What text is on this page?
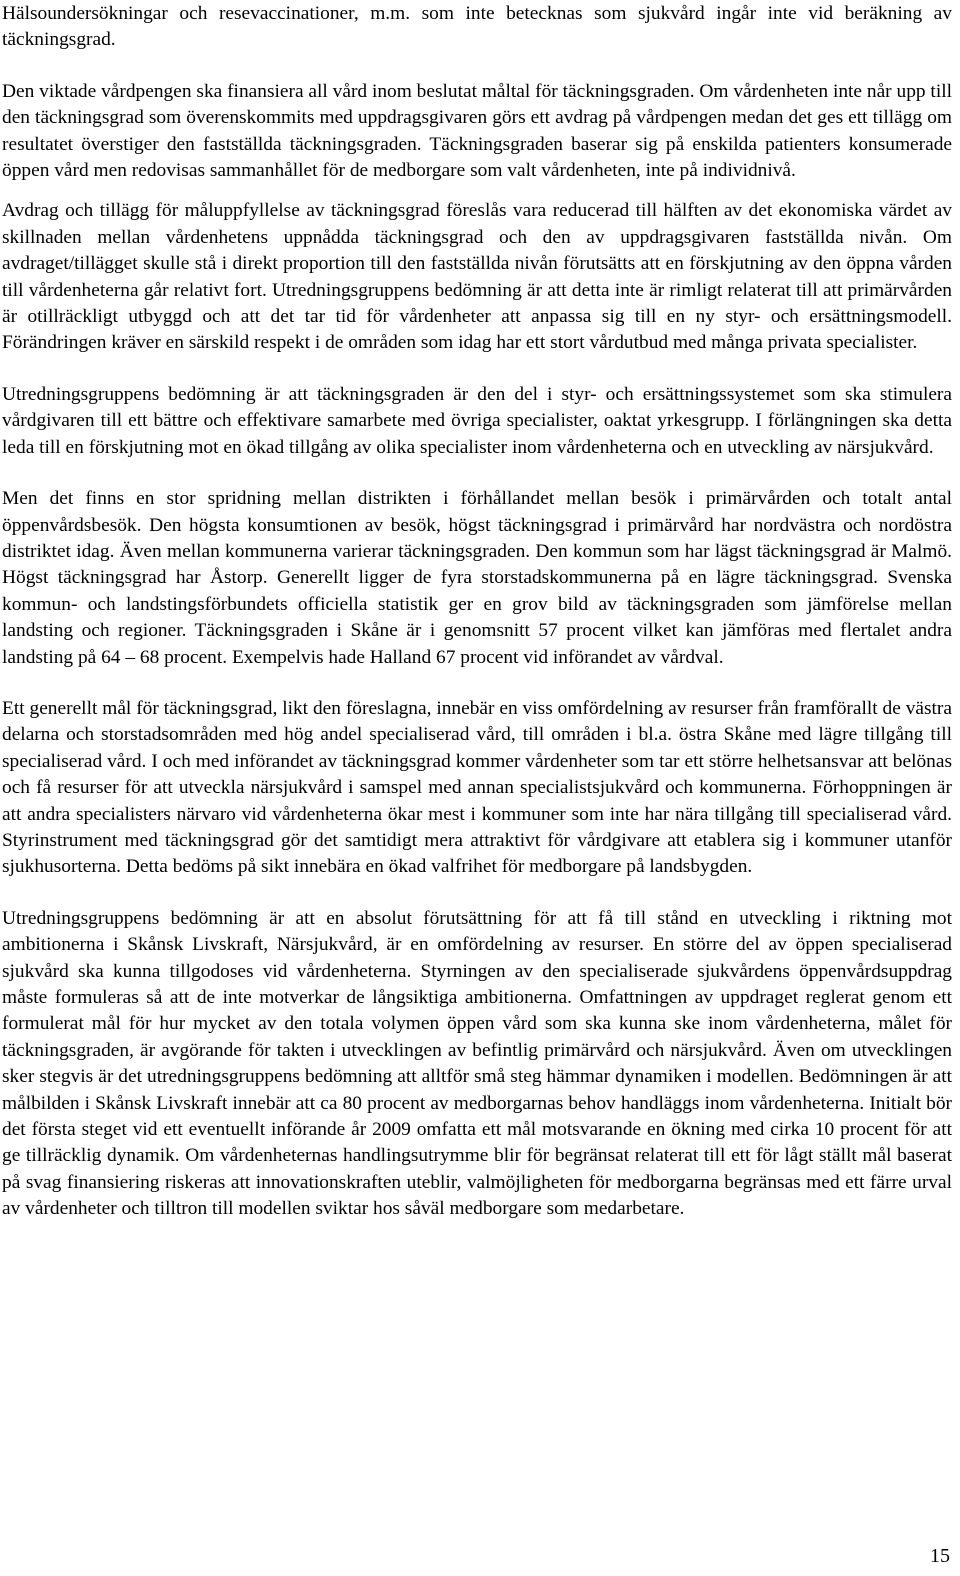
Hälsoundersökningar och resevaccinationer, m.m. som inte betecknas som sjukvård ingår inte vid beräkning av täckningsgrad.

Den viktade vårdpengen ska finansiera all vård inom beslutat måltal för täckningsgraden. Om vårdenheten inte når upp till den täckningsgrad som överenskommits med uppdragsgivaren görs ett avdrag på vårdpengen medan det ges ett tillägg om resultatet överstiger den fastställda täckningsgraden. Täckningsgraden baserar sig på enskilda patienters konsumerade öppen vård men redovisas sammanhållet för de medborgare som valt vårdenheten, inte på individnivå.

Avdrag och tillägg för måluppfyllelse av täckningsgrad föreslås vara reducerad till hälften av det ekonomiska värdet av skillnaden mellan vårdenhetens uppnådda täckningsgrad och den av uppdragsgivaren fastställda nivån. Om avdraget/tillägget skulle stå i direkt proportion till den fastställda nivån förutsätts att en förskjutning av den öppna vården till vårdenheterna går relativt fort. Utredningsgruppens bedömning är att detta inte är rimligt relaterat till att primärvården är otillräckligt utbyggd och att det tar tid för vårdenheter att anpassa sig till en ny styr- och ersättningsmodell. Förändringen kräver en särskild respekt i de områden som idag har ett stort vårdutbud med många privata specialister.

Utredningsgruppens bedömning är att täckningsgraden är den del i styr- och ersättningssystemet som ska stimulera vårdgivaren till ett bättre och effektivare samarbete med övriga specialister, oaktat yrkesgrupp. I förlängningen ska detta leda till en förskjutning mot en ökad tillgång av olika specialister inom vårdenheterna och en utveckling av närsjukvård.

Men det finns en stor spridning mellan distrikten i förhållandet mellan besök i primärvården och totalt antal öppenvårdsbesök. Den högsta konsumtionen av besök, högst täckningsgrad i primärvård har nordvästra och nordöstra distriktet idag. Även mellan kommunerna varierar täckningsgraden. Den kommun som har lägst täckningsgrad är Malmö. Högst täckningsgrad har Åstorp. Generellt ligger de fyra storstadskommunerna på en lägre täckningsgrad. Svenska kommun- och landstingsförbundets officiella statistik ger en grov bild av täckningsgraden som jämförelse mellan landsting och regioner. Täckningsgraden i Skåne är i genomsnitt 57 procent vilket kan jämföras med flertalet andra landsting på 64 – 68 procent. Exempelvis hade Halland 67 procent vid införandet av vårdval.

Ett generellt mål för täckningsgrad, likt den föreslagna, innebär en viss omfördelning av resurser från framförallt de västra delarna och storstadsområden med hög andel specialiserad vård, till områden i bl.a. östra Skåne med lägre tillgång till specialiserad vård. I och med införandet av täckningsgrad kommer vårdenheter som tar ett större helhetsansvar att belönas och få resurser för att utveckla närsjukvård i samspel med annan specialistsjukvård och kommunerna. Förhoppningen är att andra specialisters närvaro vid vårdenheterna ökar mest i kommuner som inte har nära tillgång till specialiserad vård. Styrinstrument med täckningsgrad gör det samtidigt mera attraktivt för vårdgivare att etablera sig i kommuner utanför sjukhusorterna. Detta bedöms på sikt innebära en ökad valfrihet för medborgare på landsbygden.

Utredningsgruppens bedömning är att en absolut förutsättning för att få till stånd en utveckling i riktning mot ambitionerna i Skånsk Livskraft, Närsjukvård, är en omfördelning av resurser. En större del av öppen specialiserad sjukvård ska kunna tillgodoses vid vårdenheterna. Styrningen av den specialiserade sjukvårdens öppenvårdsuppdrag måste formuleras så att de inte motverkar de långsiktiga ambitionerna. Omfattningen av uppdraget reglerat genom ett formulerat mål för hur mycket av den totala volymen öppen vård som ska kunna ske inom vårdenheterna, målet för täckningsgraden, är avgörande för takten i utvecklingen av befintlig primärvård och närsjukvård. Även om utvecklingen sker stegvis är det utredningsgruppens bedömning att alltför små steg hämmar dynamiken i modellen. Bedömningen är att målbilden i Skånsk Livskraft innebär att ca 80 procent av medborgarnas behov handläggs inom vårdenheterna. Initialt bör det första steget vid ett eventuellt införande år 2009 omfatta ett mål motsvarande en ökning med cirka 10 procent för att ge tillräcklig dynamik. Om vårdenheternas handlingsutrymme blir för begränsat relaterat till ett för lågt ställt mål baserat på svag finansiering riskeras att innovationskraften uteblir, valmöjligheten för medborgarna begränsas med ett färre urval av vårdenheter och tilltron till modellen sviktar hos såväl medborgare som medarbetare.

15
